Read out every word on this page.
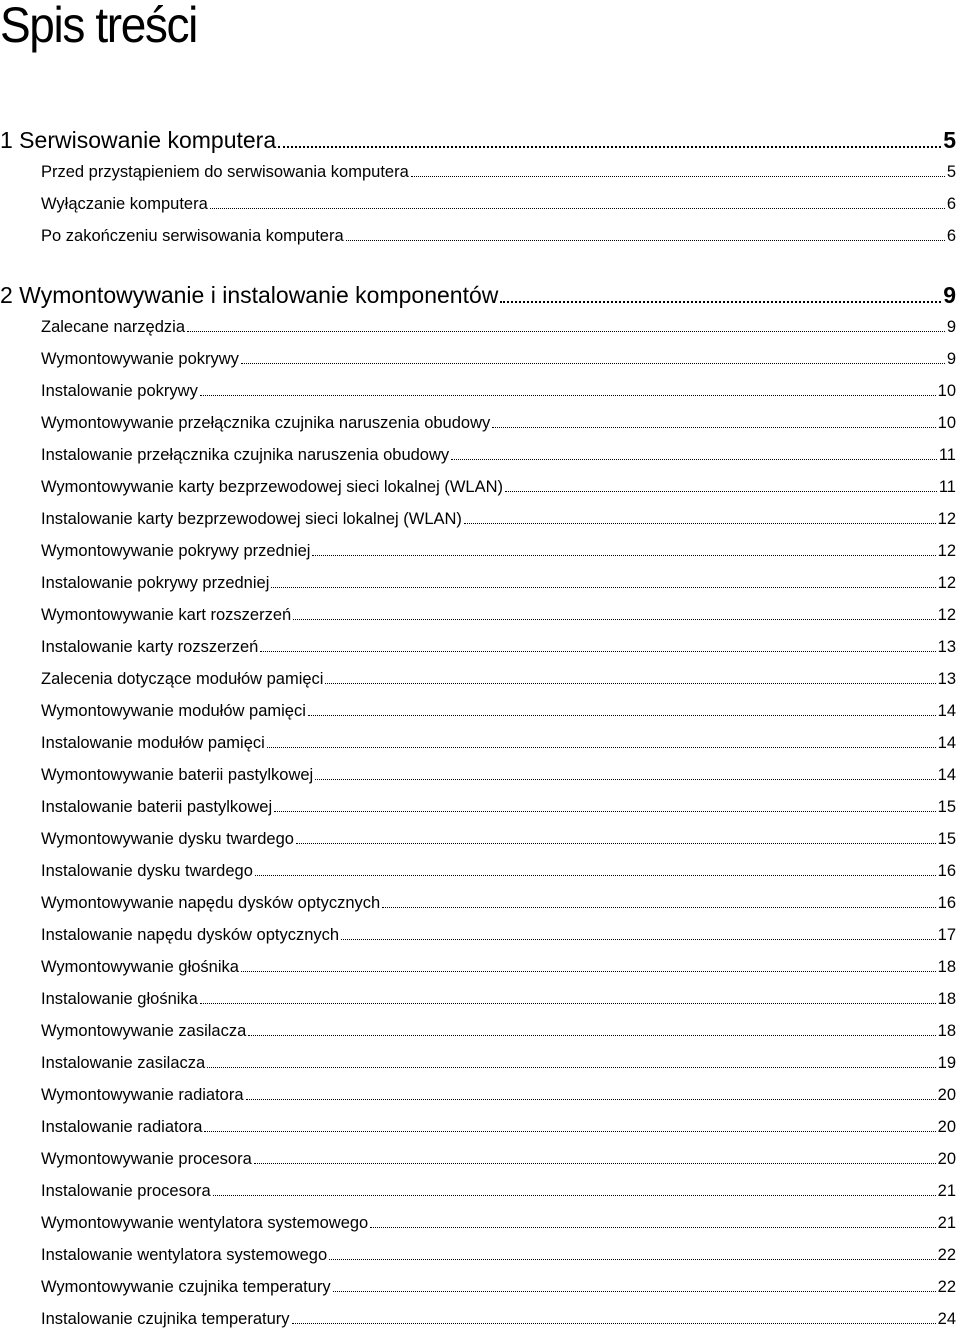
Spis treści
1 Serwisowanie komputera	5
Przed przystąpieniem do serwisowania komputera	5
Wyłączanie komputera	6
Po zakończeniu serwisowania komputera	6
2 Wymontowywanie i instalowanie komponentów	9
Zalecane narzędzia	9
Wymontowywanie pokrywy	9
Instalowanie pokrywy	10
Wymontowywanie przełącznika czujnika naruszenia obudowy	10
Instalowanie przełącznika czujnika naruszenia obudowy	11
Wymontowywanie karty bezprzewodowej sieci lokalnej (WLAN)	11
Instalowanie karty bezprzewodowej sieci lokalnej (WLAN)	12
Wymontowywanie pokrywy przedniej	12
Instalowanie pokrywy przedniej	12
Wymontowywanie kart rozszerzeń	12
Instalowanie karty rozszerzeń	13
Zalecenia dotyczące modułów pamięci	13
Wymontowywanie modułów pamięci	14
Instalowanie modułów pamięci	14
Wymontowywanie baterii pastylkowej	14
Instalowanie baterii pastylkowej	15
Wymontowywanie dysku twardego	15
Instalowanie dysku twardego	16
Wymontowywanie napędu dysków optycznych	16
Instalowanie napędu dysków optycznych	17
Wymontowywanie głośnika	18
Instalowanie głośnika	18
Wymontowywanie zasilacza	18
Instalowanie zasilacza	19
Wymontowywanie radiatora	20
Instalowanie radiatora	20
Wymontowywanie procesora	20
Instalowanie procesora	21
Wymontowywanie wentylatora systemowego	21
Instalowanie wentylatora systemowego	22
Wymontowywanie czujnika temperatury	22
Instalowanie czujnika temperatury	24
